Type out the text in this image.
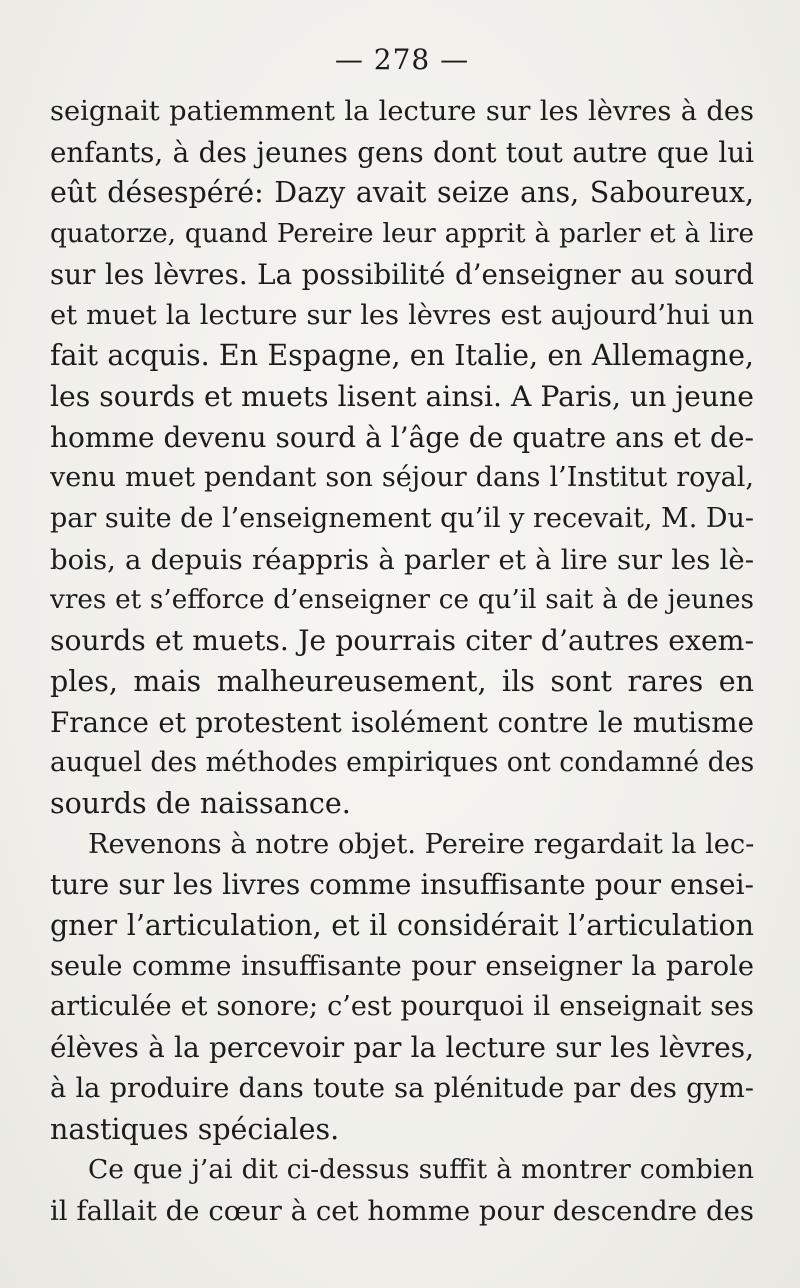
— 278 —
seignait patiemment la lecture sur les lèvres à des
enfants, à des jeunes gens dont tout autre que lui
eût désespéré: Dazy avait seize ans, Saboureux,
quatorze, quand Pereire leur apprit à parler et à lire
sur les lèvres. La possibilité d’enseigner au sourd
et muet la lecture sur les lèvres est aujourd’hui un
fait acquis. En Espagne, en Italie, en Allemagne,
les sourds et muets lisent ainsi. A Paris, un jeune
homme devenu sourd à l’âge de quatre ans et de-
venu muet pendant son séjour dans l’Institut royal,
par suite de l’enseignement qu’il y recevait, M. Du-
bois, a depuis réappris à parler et à lire sur les lè-
vres et s’efforce d’enseigner ce qu’il sait à de jeunes
sourds et muets. Je pourrais citer d’autres exem-
ples, mais malheureusement, ils sont rares en
France et protestent isolément contre le mutisme
auquel des méthodes empiriques ont condamné des
sourds de naissance.
Revenons à notre objet. Pereire regardait la lec-
ture sur les livres comme insuffisante pour ensei-
gner l’articulation, et il considérait l’articulation
seule comme insuffisante pour enseigner la parole
articulée et sonore; c’est pourquoi il enseignait ses
élèves à la percevoir par la lecture sur les lèvres,
à la produire dans toute sa plénitude par des gym-
nastiques spéciales.
Ce que j’ai dit ci-dessus suffit à montrer combien
il fallait de cœur à cet homme pour descendre des
